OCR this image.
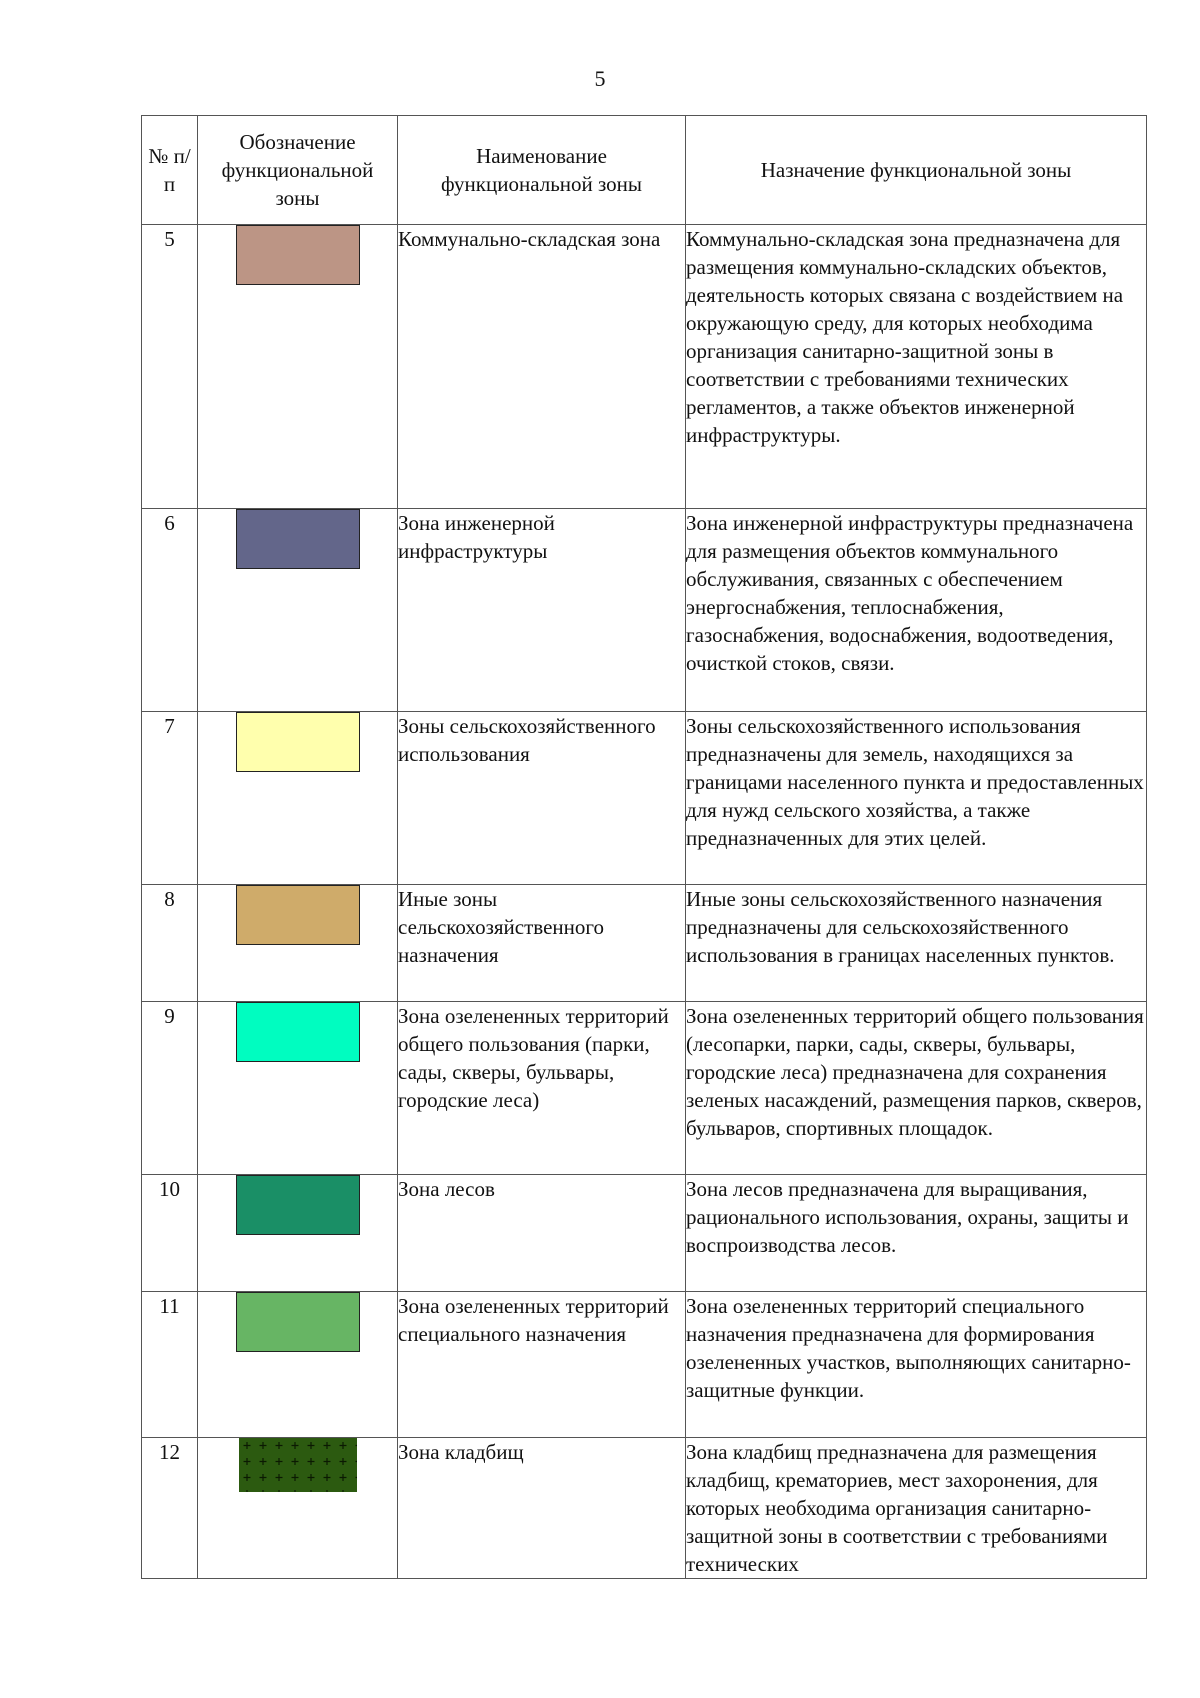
5
№ п/п	Обозначение функциональной зоны	Наименование функциональной зоны	Назначение функциональной зоны
5		Коммунально-складская зона	Коммунально-складская зона предназначена для размещения коммунально-складских объектов, деятельность которых связана с воздействием на окружающую среду, для которых необходима организация санитарно-защитной зоны в соответствии с требованиями технических регламентов, а также объектов инженерной инфраструктуры.
6		Зона инженерной инфраструктуры	Зона инженерной инфраструктуры предназначена для размещения объектов коммунального обслуживания, связанных с обеспечением энергоснабжения, теплоснабжения, газоснабжения, водоснабжения, водоотведения, очисткой стоков, связи.
7		Зоны сельскохозяйственного использования	Зоны сельскохозяйственного использования предназначены для земель, находящихся за границами населенного пункта и предоставленных для нужд сельского хозяйства, а также предназначенных для этих целей.
8		Иные зоны сельскохозяйственного назначения	Иные зоны сельскохозяйственного назначения предназначены для сельскохозяйственного использования в границах населенных пунктов.
9		Зона озелененных территорий общего пользования (парки, сады, скверы, бульвары, городские леса)	Зона озелененных территорий общего пользования (лесопарки, парки, сады, скверы, бульвары, городские леса) предназначена для сохранения зеленых насаждений, размещения парков, скверов, бульваров, спортивных площадок.
10		Зона лесов	Зона лесов предназначена для выращивания, рационального использования, охраны, защиты и воспроизводства лесов.
11		Зона озелененных территорий специального назначения	Зона озелененных территорий специального назначения предназначена для формирования озелененных участков, выполняющих санитарно-защитные функции.
12		Зона кладбищ	Зона кладбищ предназначена для размещения кладбищ, крематориев, мест захоронения, для которых необходима организация санитарно-защитной зоны в соответствии с требованиями технических
